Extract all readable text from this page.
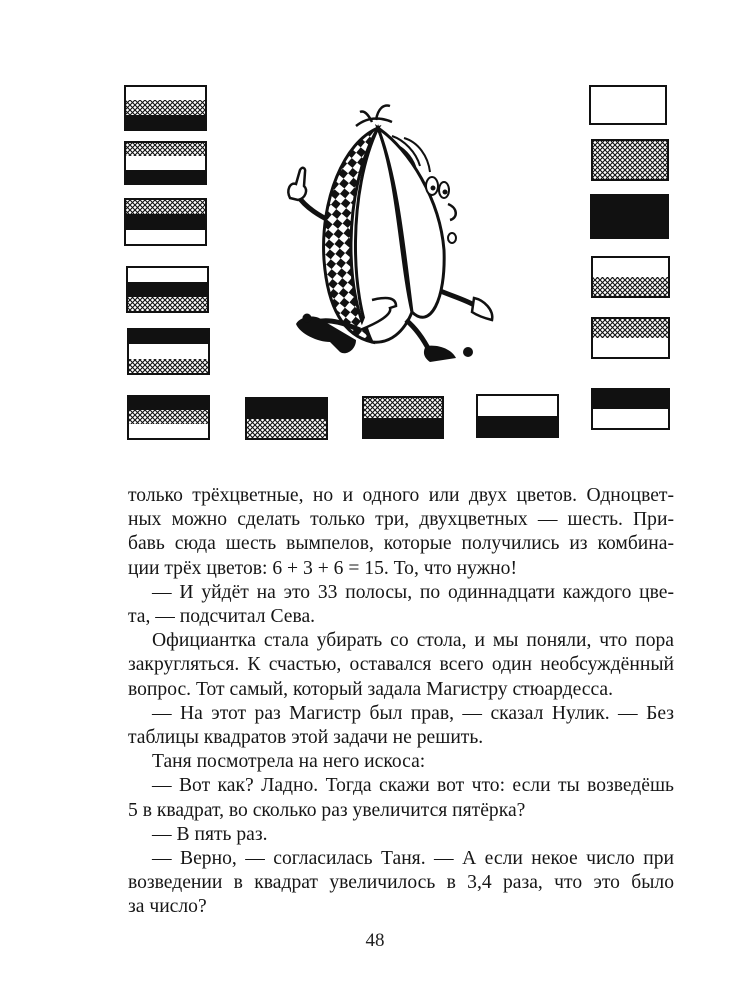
только трёхцветные, но и одного или двух цветов. Одноцвет-
ных можно сделать только три, двухцветных — шесть. При-
бавь сюда шесть вымпелов, которые получились из комбина-
ции трёх цветов: 6 + 3 + 6 = 15. То, что нужно!
— И уйдёт на это 33 полосы, по одиннадцати каждого цве-
та, — подсчитал Сева.
Официантка стала убирать со стола, и мы поняли, что пора
закругляться. К счастью, оставался всего один необсуждённый
вопрос. Тот самый, который задала Магистру стюардесса.
— На этот раз Магистр был прав, — сказал Нулик. — Без
таблицы квадратов этой задачи не решить.
Таня посмотрела на него искоса:
— Вот как? Ладно. Тогда скажи вот что: если ты возведёшь
5 в квадрат, во сколько раз увеличится пятёрка?
— В пять раз.
— Верно, — согласилась Таня. — А если некое число при
возведении в квадрат увеличилось в 3,4 раза, что это было
за число?
48
